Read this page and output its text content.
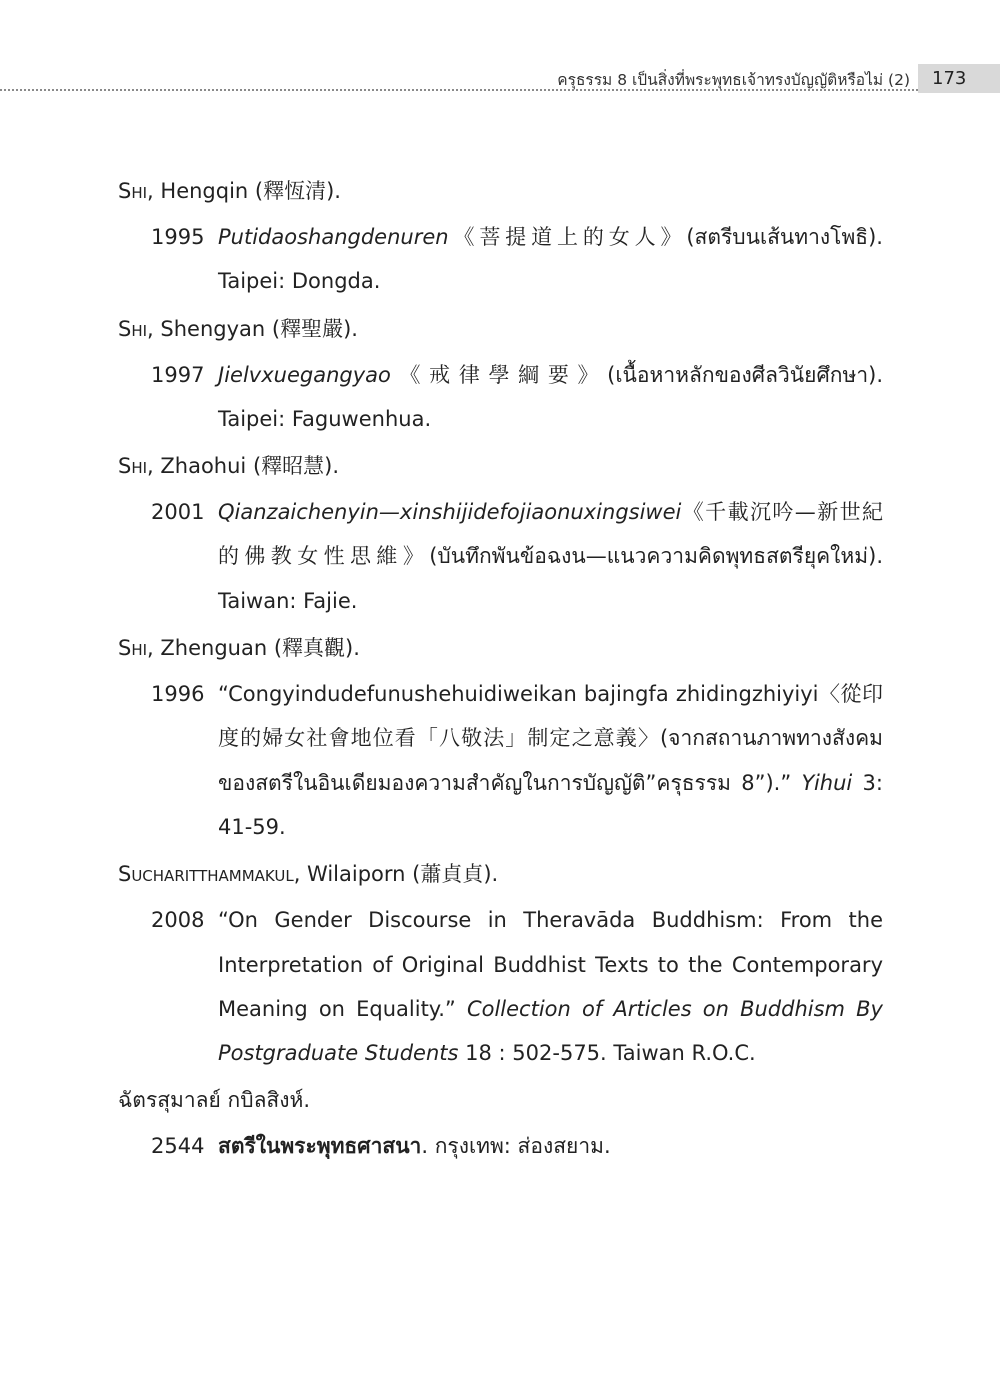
ครุธรรม 8 เป็นสิ่งที่พระพุทธเจ้าทรงบัญญัติหรือไม่ (2)	173
Shi, Hengqin (釋恆清).
1995 Putidaoshangdenuren《菩提道上的女人》(สตรีบนเส้นทางโพธิ). Taipei: Dongda.
Shi, Shengyan (釋聖嚴).
1997 Jielvxuegangyao《戒律學綱要》(เนื้อหาหลักของศีลวินัยศึกษา). Taipei: Faguwenhua.
Shi, Zhaohui (釋昭慧).
2001 Qianzaichenyin—xinshijidefojiaonuxingsiwei《千載沉吟—新世紀的佛教女性思維》(บันทึกพันข้อฉงน—แนวความคิดพุทธสตรียุคใหม่). Taiwan: Fajie.
Shi, Zhenguan (釋真觀).
1996 “Congyindudefunushehuidiweikan bajingfa zhidingzhiyiyi〈從印度的婦女社會地位看「八敬法」制定之意義〉(จากสถานภาพทางสังคมของสตรีในอินเดียมองความสำคัญในการบัญญัติ”ครุธรรม 8”).” Yihui 3: 41-59.
Sucharitthammakul, Wilaiporn (蕭貞貞).
2008 “On Gender Discourse in Theravāda Buddhism: From the Interpretation of Original Buddhist Texts to the Contemporary Meaning on Equality.” Collection of Articles on Buddhism By Postgraduate Students 18 : 502-575. Taiwan R.O.C.
ฉัตรสุมาลย์ กบิลสิงห์.
2544 สตรีในพระพุทธศาสนา. กรุงเทพ: ส่องสยาม.
